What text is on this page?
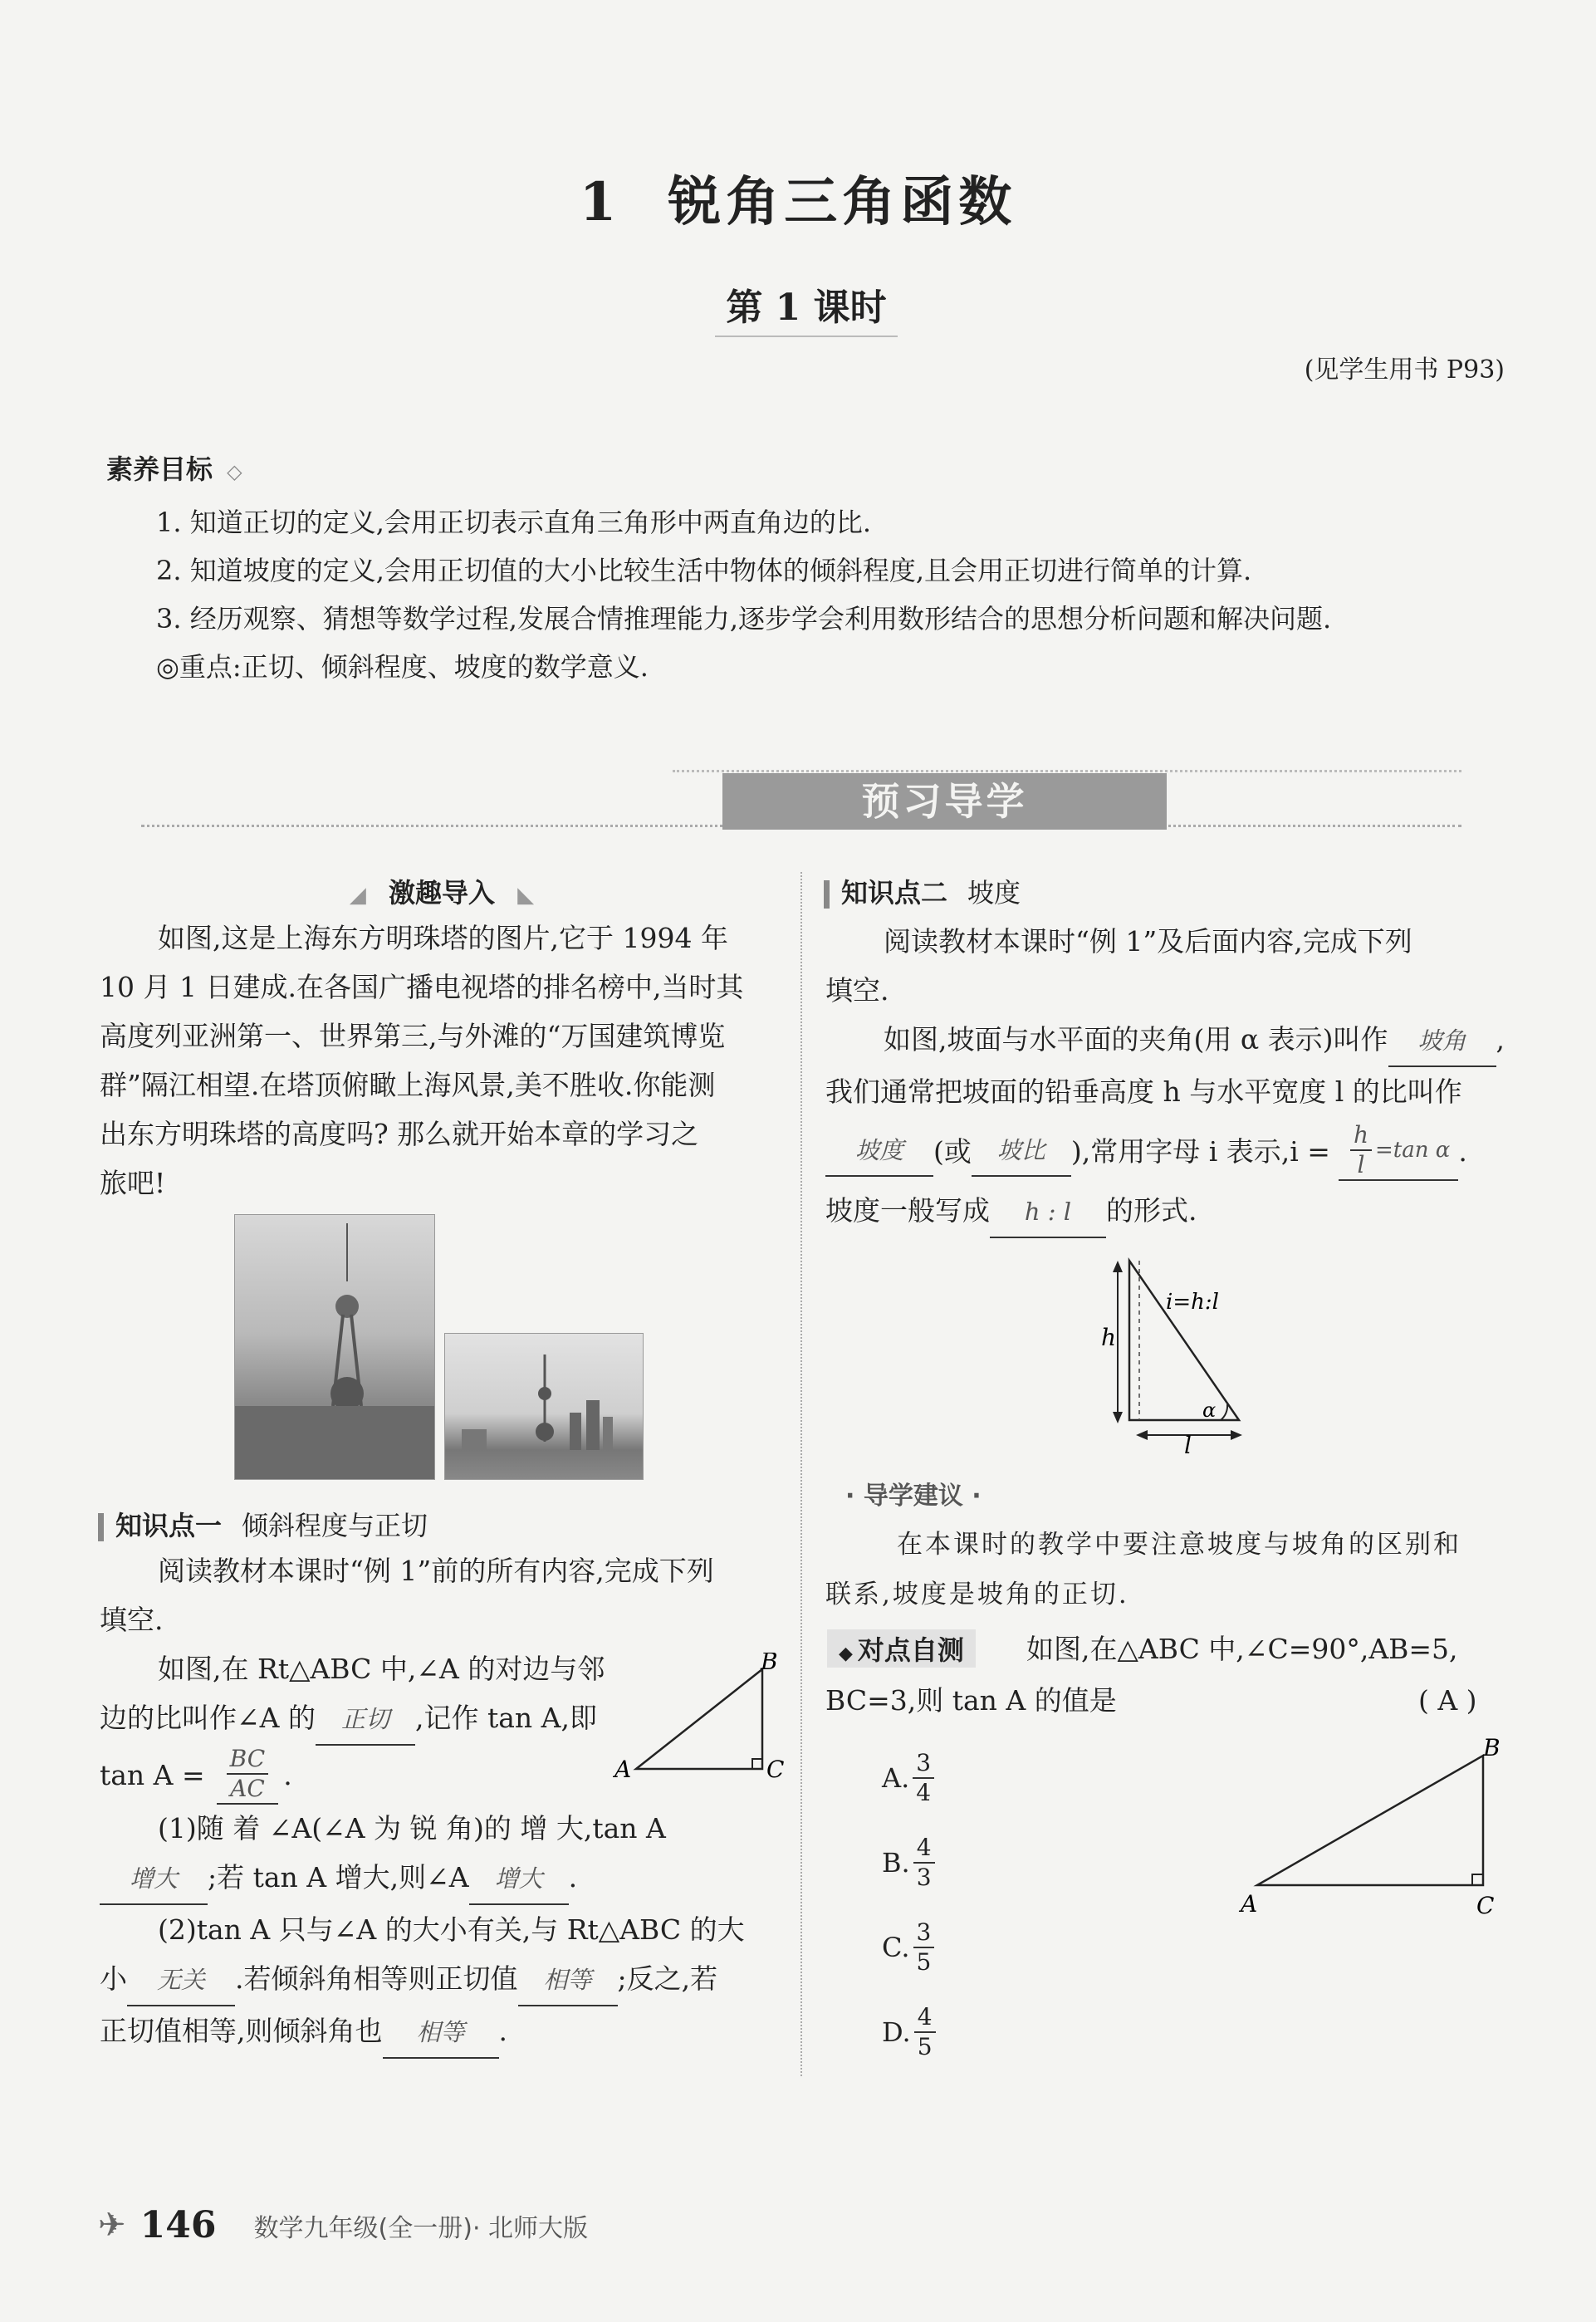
1 锐角三角函数
第 1 课时
(见学生用书 P93)
素养目标 ◇
1. 知道正切的定义,会用正切表示直角三角形中两直角边的比.
2. 知道坡度的定义,会用正切值的大小比较生活中物体的倾斜程度,且会用正切进行简单的计算.
3. 经历观察、猜想等数学过程,发展合情推理能力,逐步学会利用数形结合的思想分析问题和解决问题.
◎重点:正切、倾斜程度、坡度的数学意义.
预习导学
◢ 激趣导入 ◣
如图,这是上海东方明珠塔的图片,它于 1994 年
10 月 1 日建成.在各国广播电视塔的排名榜中,当时其
高度列亚洲第一、世界第三,与外滩的“万国建筑博览
群”隔江相望.在塔顶俯瞰上海风景,美不胜收.你能测
出东方明珠塔的高度吗? 那么就开始本章的学习之
旅吧!
知识点一 倾斜程度与正切
阅读教材本课时“例 1”前的所有内容,完成下列
填空.
如图,在 Rt△ABC 中,∠A 的对边与邻
边的比叫作∠A 的 正切 ,记作 tan A,即
$\tan A = \frac{BC}{AC}$ .
(1)随 着 ∠A(∠A 为 锐 角)的 增 大,tan A
增大 ;若 tan A 增大,则∠A 增大 .
(2)tan A 只与∠A 的大小有关,与 Rt△ABC 的大
小 无关 .若倾斜角相等则正切值 相等 ;反之,若
正切值相等,则倾斜角也 相等 .
A
B
C
知识点二 坡度
阅读教材本课时“例 1”及后面内容,完成下列
填空.
如图,坡面与水平面的夹角(用 α 表示)叫作 坡角 ,
我们通常把坡面的铅垂高度 h 与水平宽度 l 的比叫作
坡度	(或	坡比 ),常用字母 i 表示$,i = \frac{h}{l} =\tan$ α .
坡度一般写成 h : l 的形式.
h
l
i=h:l
α
· 导学建议 ·
在本课时的教学中要注意坡度与坡角的区别和
联系,坡度是坡角的正切.
◆ 对点自测	如图,在△ABC 中,∠C=90°,AB=5,
BC=3,则 tan A 的值是	( A )
A. $\frac{3}{4}$
B. $\frac{4}{3}$
C. $\frac{3}{5}$
D. $\frac{4}{5}$
A
B
C
✈ 146 数学九年级(全一册)· 北师大版
